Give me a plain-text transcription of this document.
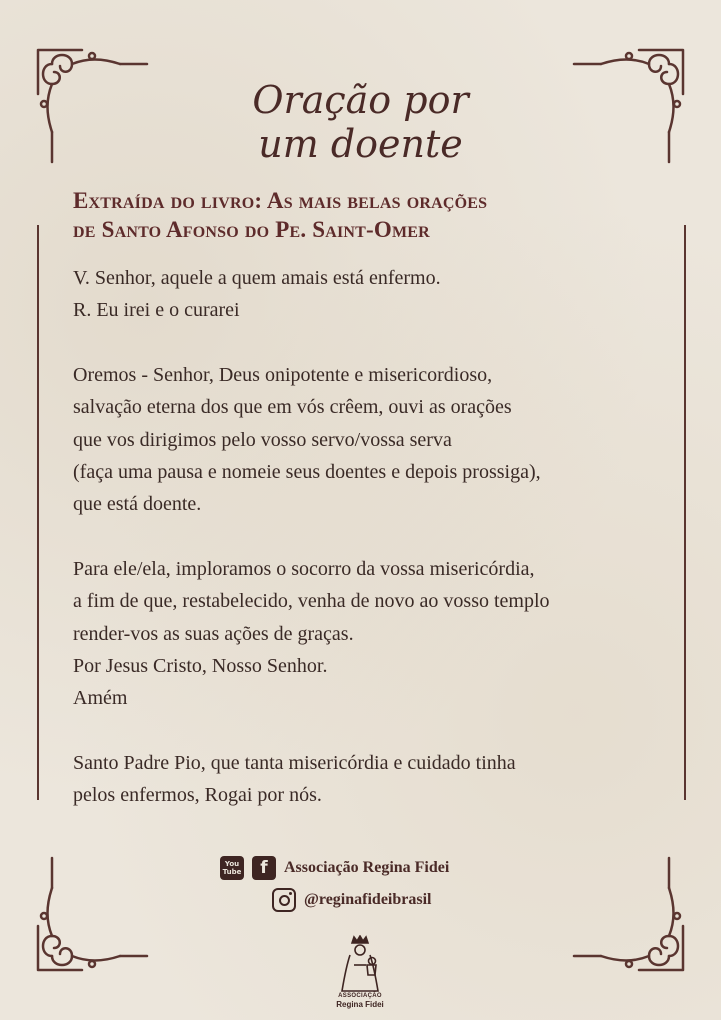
Oração por
um doente
Extraída do livro: As mais belas orações
de Santo Afonso do Pe. Saint-Omer

V. Senhor, aquele a quem amais está enfermo.

R. Eu irei e o curarei

Oremos - Senhor, Deus onipotente e misericordioso,

salvação eterna dos que em vós crêem, ouvi as orações

que vos dirigimos pelo vosso servo/vossa serva

(faça uma pausa e nomeie seus doentes e depois prossiga),

que está doente.

Para ele/ela, imploramos o socorro da vossa misericórdia,

a fim de que, restabelecido, venha de novo ao vosso templo

render-vos as suas ações de graças.

Por Jesus Cristo, Nosso Senhor.

Amém

Santo Padre Pio, que tanta misericórdia e cuidado tinha

pelos enfermos, Rogai por nós.

You
Tube	f	Associação Regina Fidei
@reginafideibrasil
ASSOCIAÇÃO
Regina Fidei
